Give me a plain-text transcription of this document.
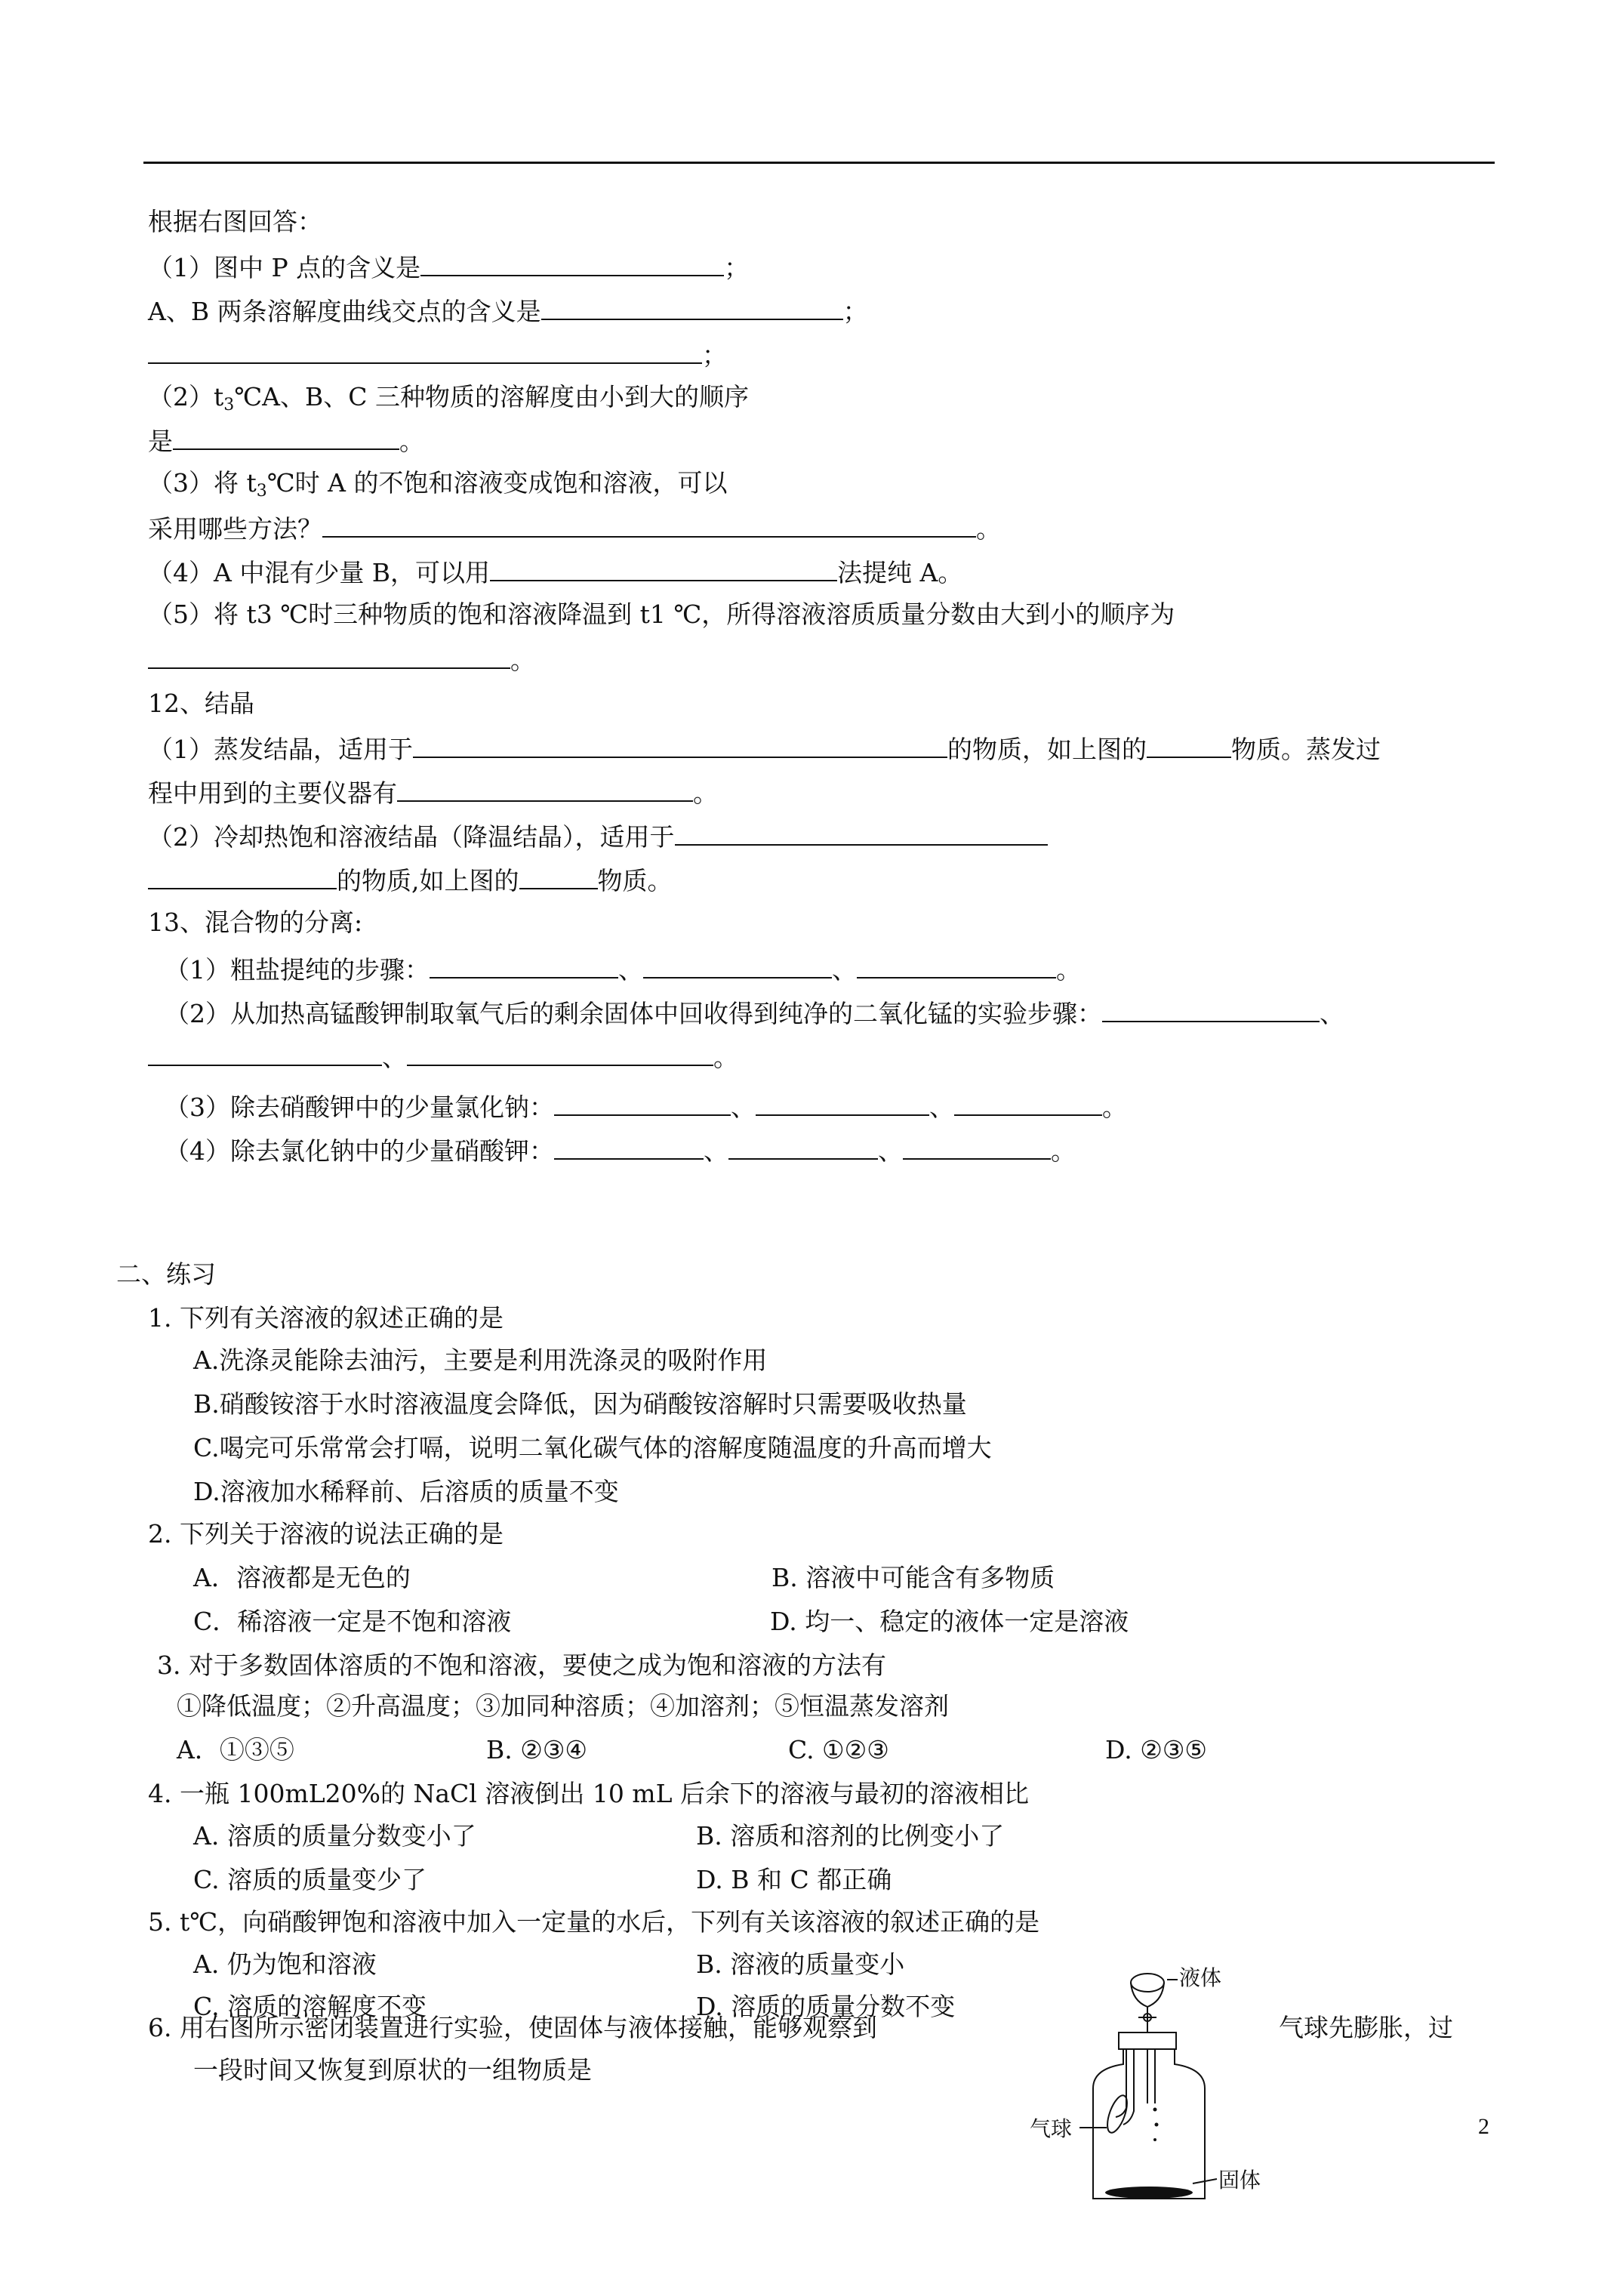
根据右图回答：
（1）图中 P 点的含义是	；
A、B 两条溶解度曲线交点的含义是	；
；
$(2)t_3℃A$、B、C 三种物质的溶解度由小到大的顺序
是	。
（3）将 $t_3℃$时 A 的不饱和溶液变成饱和溶液，可以
采用哪些方法？	。
（4）A 中混有少量 B，可以用	法提纯 A。
（5）将 t3 ℃时三种物质的饱和溶液降温到 t1 ℃，所得溶液溶质质量分数由大到小的顺序为
。
12、结晶
（1）蒸发结晶，适用于	的物质，如上图的	物质。蒸发过
程中用到的主要仪器有	。
（2）冷却热饱和溶液结晶（降温结晶），适用于
的物质,如上图的	物质。
13、混合物的分离:
（1）粗盐提纯的步骤：	、	、	。
（2）从加热高锰酸钾制取氧气后的剩余固体中回收得到纯净的二氧化锰的实验步骤：	、
、	。
（3）除去硝酸钾中的少量氯化钠：	、	、	。
（4）除去氯化钠中的少量硝酸钾：	、	、	。
二、练习
1. 下列有关溶液的叙述正确的是
A.洗涤灵能除去油污，主要是利用洗涤灵的吸附作用
B.硝酸铵溶于水时溶液温度会降低，因为硝酸铵溶解时只需要吸收热量
C.喝完可乐常常会打嗝，说明二氧化碳气体的溶解度随温度的升高而增大
D.溶液加水稀释前、后溶质的质量不变
2. 下列关于溶液的说法正确的是
A．溶液都是无色的	B. 溶液中可能含有多物质
C．稀溶液一定是不饱和溶液	D. 均一、稳定的液体一定是溶液
3. 对于多数固体溶质的不饱和溶液，要使之成为饱和溶液的方法有
①降低温度；②升高温度；③加同种溶质；④加溶剂；⑤恒温蒸发溶剂
A．①③⑤	B. ②③④	C. ①②③	D. ②③⑤
4. 一瓶 100mL20%的 NaCl 溶液倒出 10 mL 后余下的溶液与最初的溶液相比
A. 溶质的质量分数变小了	B. 溶质和溶剂的比例变小了
C. 溶质的质量变少了	D. B 和 C 都正确
5. t℃，向硝酸钾饱和溶液中加入一定量的水后，下列有关该溶液的叙述正确的是
A. 仍为饱和溶液	B. 溶液的质量变小
C. 溶质的溶解度不变	D. 溶质的质量分数不变
6. 用右图所示密闭装置进行实验，使固体与液体接触，能够观察到	气球先膨胀，过
一段时间又恢复到原状的一组物质是
液体
气球
固体
2
